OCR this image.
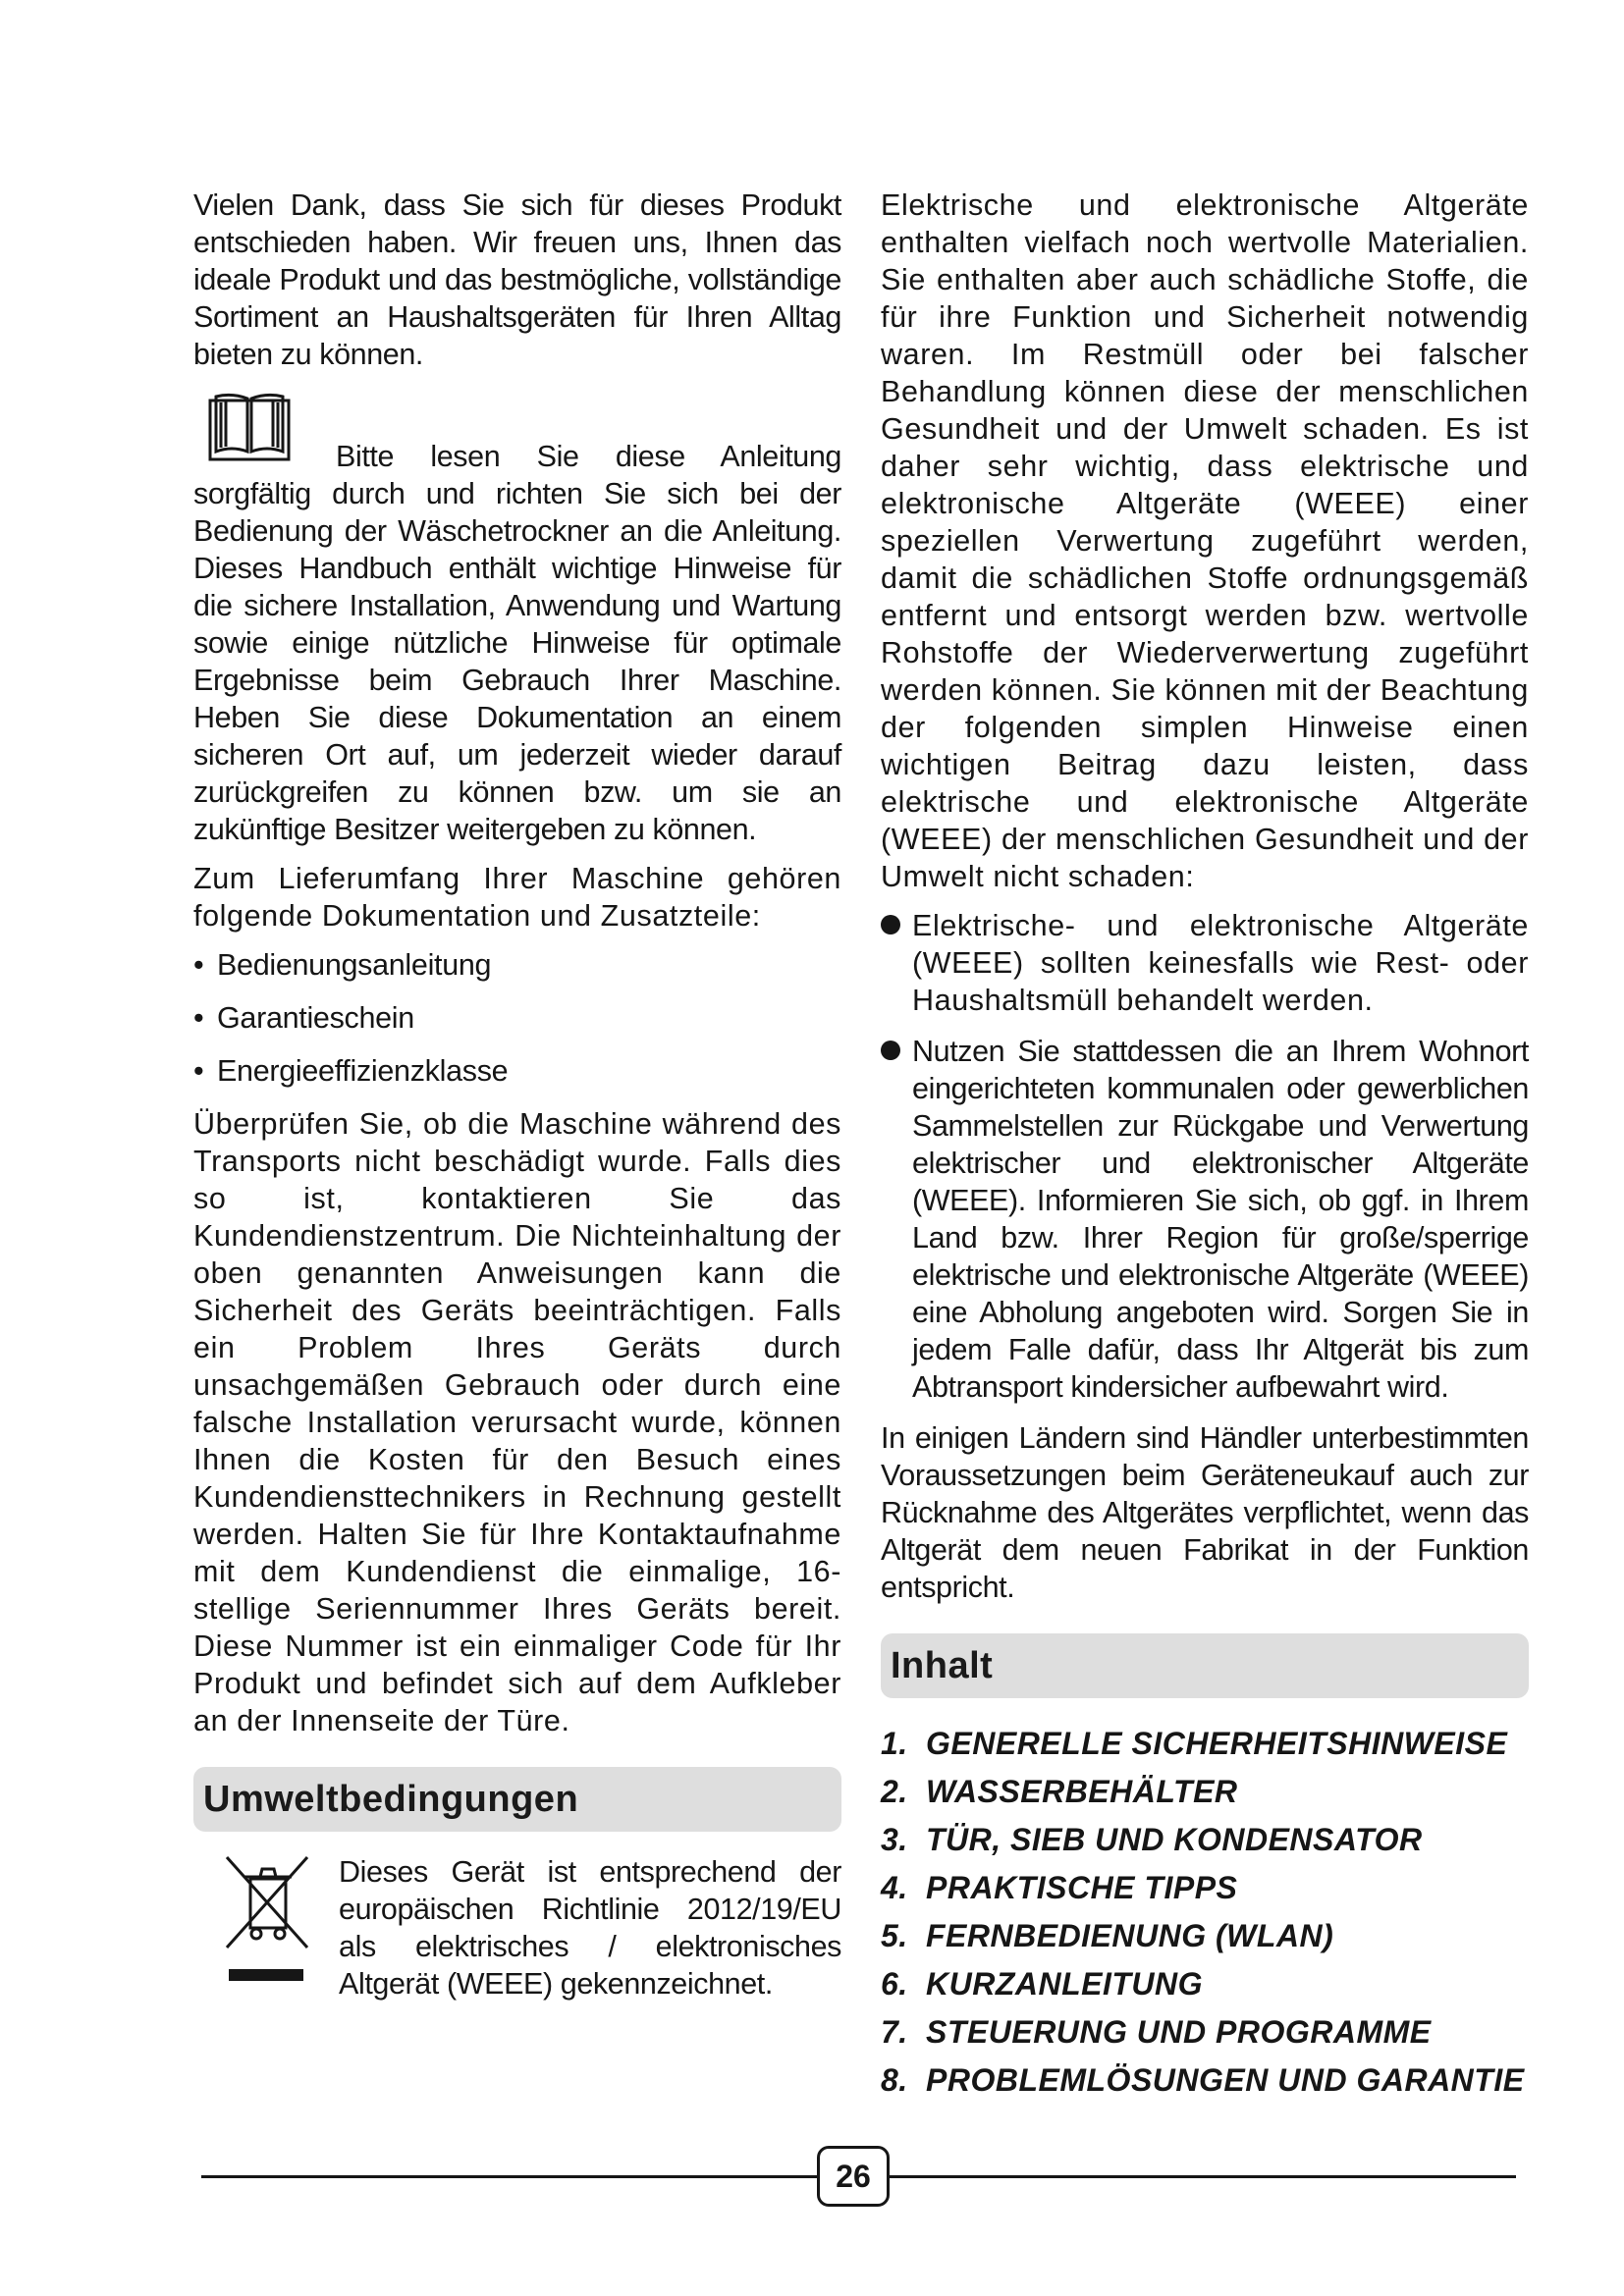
Vielen Dank, dass Sie sich für dieses Produkt entschieden haben. Wir freuen uns, Ihnen das ideale Produkt und das bestmögliche, vollständige Sortiment an Haushaltsgeräten für Ihren Alltag bieten zu können.

Bitte lesen Sie diese Anleitung sorgfältig durch und richten Sie sich bei der Bedienung der Wäschetrockner an die Anleitung. Dieses Handbuch enthält wichtige Hinweise für die sichere Installation, Anwendung und Wartung sowie einige nützliche Hinweise für optimale Ergebnisse beim Gebrauch Ihrer Maschine. Heben Sie diese Dokumentation an einem sicheren Ort auf, um jederzeit wieder darauf zurückgreifen zu können bzw. um sie an zukünftige Besitzer weitergeben zu können.

Zum Lieferumfang Ihrer Maschine gehören folgende Dokumentation und Zusatzteile:

• Bedienungsanleitung
• Garantieschein
• Energieeffizienzklasse

Überprüfen Sie, ob die Maschine während des Transports nicht beschädigt wurde. Falls dies so ist, kontaktieren Sie das Kundendienstzentrum. Die Nichteinhaltung der oben genannten Anweisungen kann die Sicherheit des Geräts beeinträchtigen. Falls ein Problem Ihres Geräts durch unsachgemäßen Gebrauch oder durch eine falsche Installation verursacht wurde, können Ihnen die Kosten für den Besuch eines Kundendiensttechnikers in Rechnung gestellt werden. Halten Sie für Ihre Kontaktaufnahme mit dem Kundendienst die einmalige, 16-stellige Seriennummer Ihres Geräts bereit. Diese Nummer ist ein einmaliger Code für Ihr Produkt und befindet sich auf dem Aufkleber an der Innenseite der Türe.

Umweltbedingungen

Dieses Gerät ist entsprechend der europäischen Richtlinie 2012/19/EU als elektrisches / elektronisches Altgerät (WEEE) gekennzeichnet.

Elektrische und elektronische Altgeräte enthalten vielfach noch wertvolle Materialien. Sie enthalten aber auch schädliche Stoffe, die für ihre Funktion und Sicherheit notwendig waren. Im Restmüll oder bei falscher Behandlung können diese der menschlichen Gesundheit und der Umwelt schaden. Es ist daher sehr wichtig, dass elektrische und elektronische Altgeräte (WEEE) einer speziellen Verwertung zugeführt werden, damit die schädlichen Stoffe ordnungsgemäß entfernt und entsorgt werden bzw. wertvolle Rohstoffe der Wiederverwertung zugeführt werden können. Sie können mit der Beachtung der folgenden simplen Hinweise einen wichtigen Beitrag dazu leisten, dass elektrische und elektronische Altgeräte (WEEE) der menschlichen Gesundheit und der Umwelt nicht schaden:

Elektrische- und elektronische Altgeräte (WEEE) sollten keinesfalls wie Rest- oder Haushaltsmüll behandelt werden.
Nutzen Sie stattdessen die an Ihrem Wohnort eingerichteten kommunalen oder gewerblichen Sammelstellen zur Rückgabe und Verwertung elektrischer und elektronischer Altgeräte (WEEE). Informieren Sie sich, ob ggf. in Ihrem Land bzw. Ihrer Region für große/sperrige elektrische und elektronische Altgeräte (WEEE) eine Abholung angeboten wird. Sorgen Sie in jedem Falle dafür, dass Ihr Altgerät bis zum Abtransport kindersicher aufbewahrt wird.

In einigen Ländern sind Händler unterbestimmten Voraussetzungen beim Geräteneukauf auch zur Rücknahme des Altgerätes verpflichtet, wenn das Altgerät dem neuen Fabrikat in der Funktion entspricht.

Inhalt
1. GENERELLE SICHERHEITSHINWEISE
2. WASSERBEHÄLTER
3. TÜR, SIEB UND KONDENSATOR
4. PRAKTISCHE TIPPS
5. FERNBEDIENUNG (WLAN)
6. KURZANLEITUNG
7. STEUERUNG UND PROGRAMME
8. PROBLEMLÖSUNGEN UND GARANTIE
26
